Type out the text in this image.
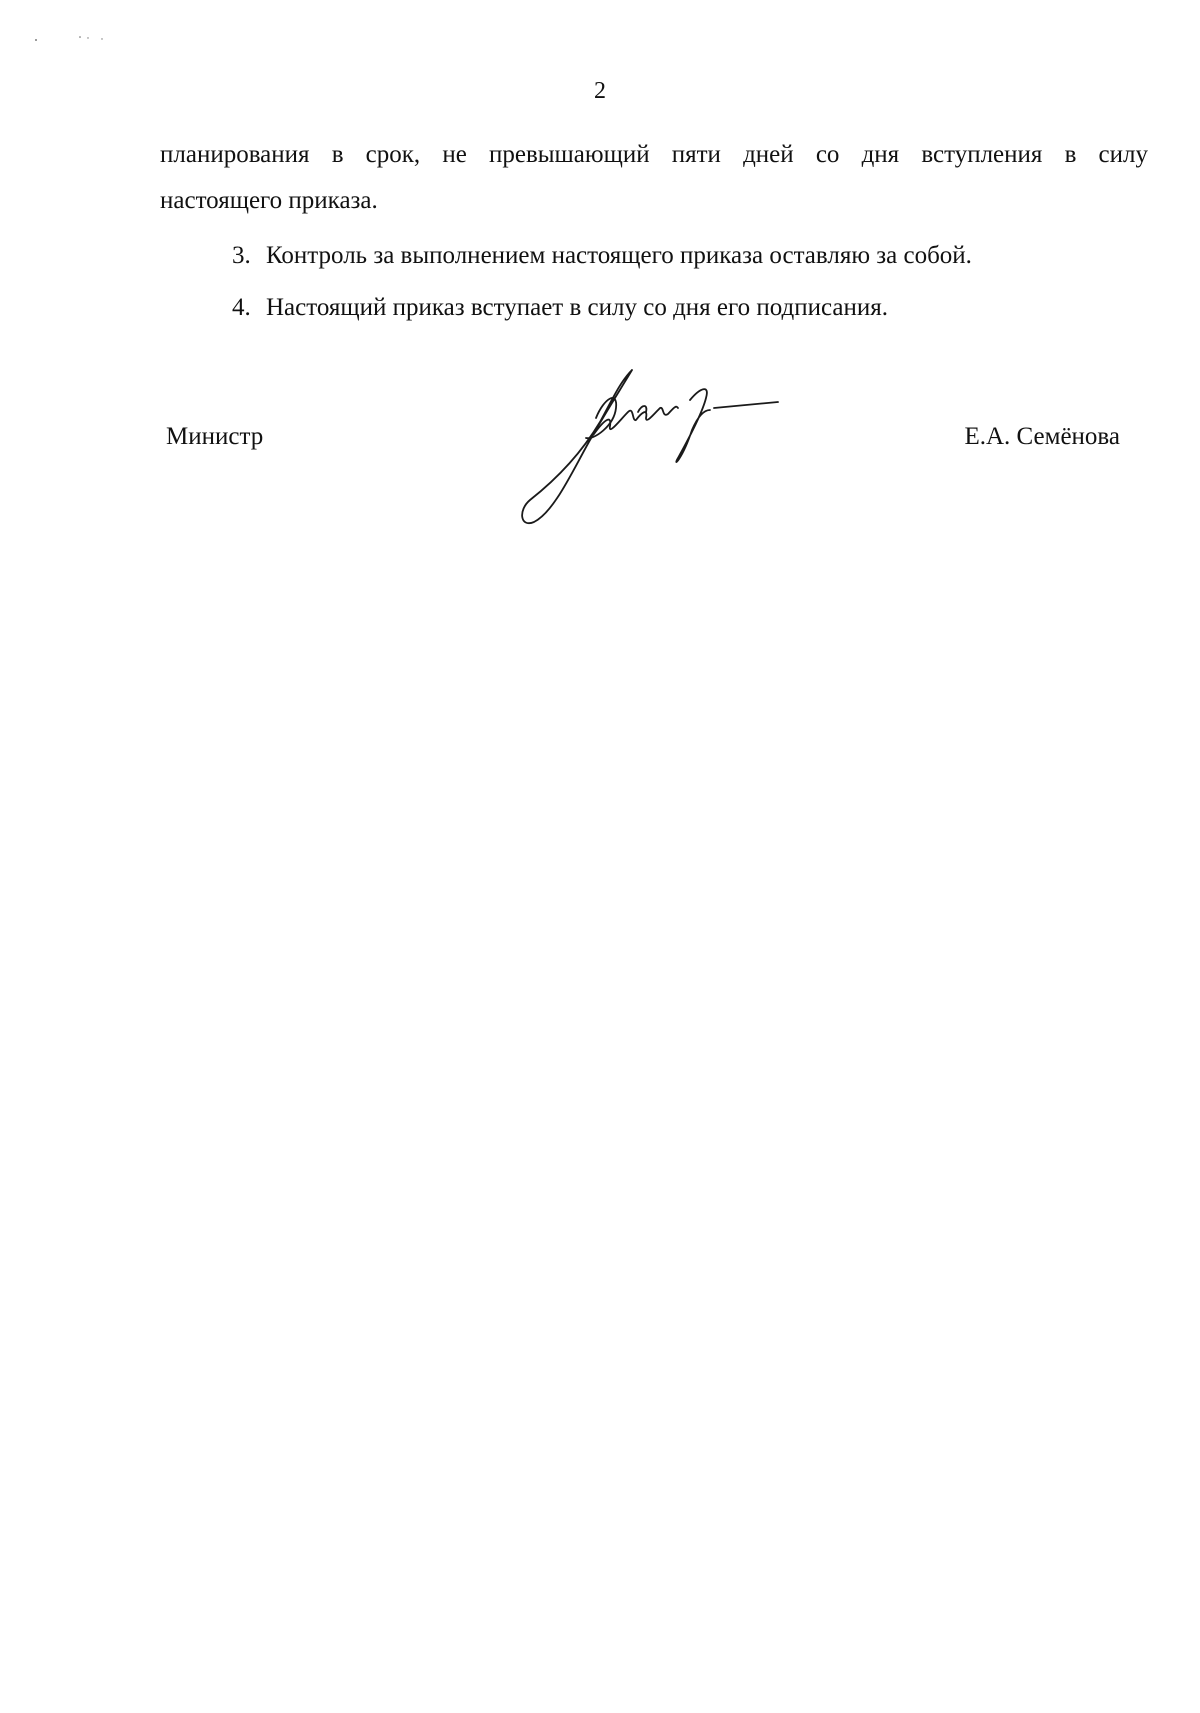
2

планирования в срок, не превышающий пяти дней со дня вступления в силу

настоящего приказа.

3. Контроль за выполнением настоящего приказа оставляю за собой.
4. Настоящий приказ вступает в силу со дня его подписания.
Министр	Е.А. Семёнова
